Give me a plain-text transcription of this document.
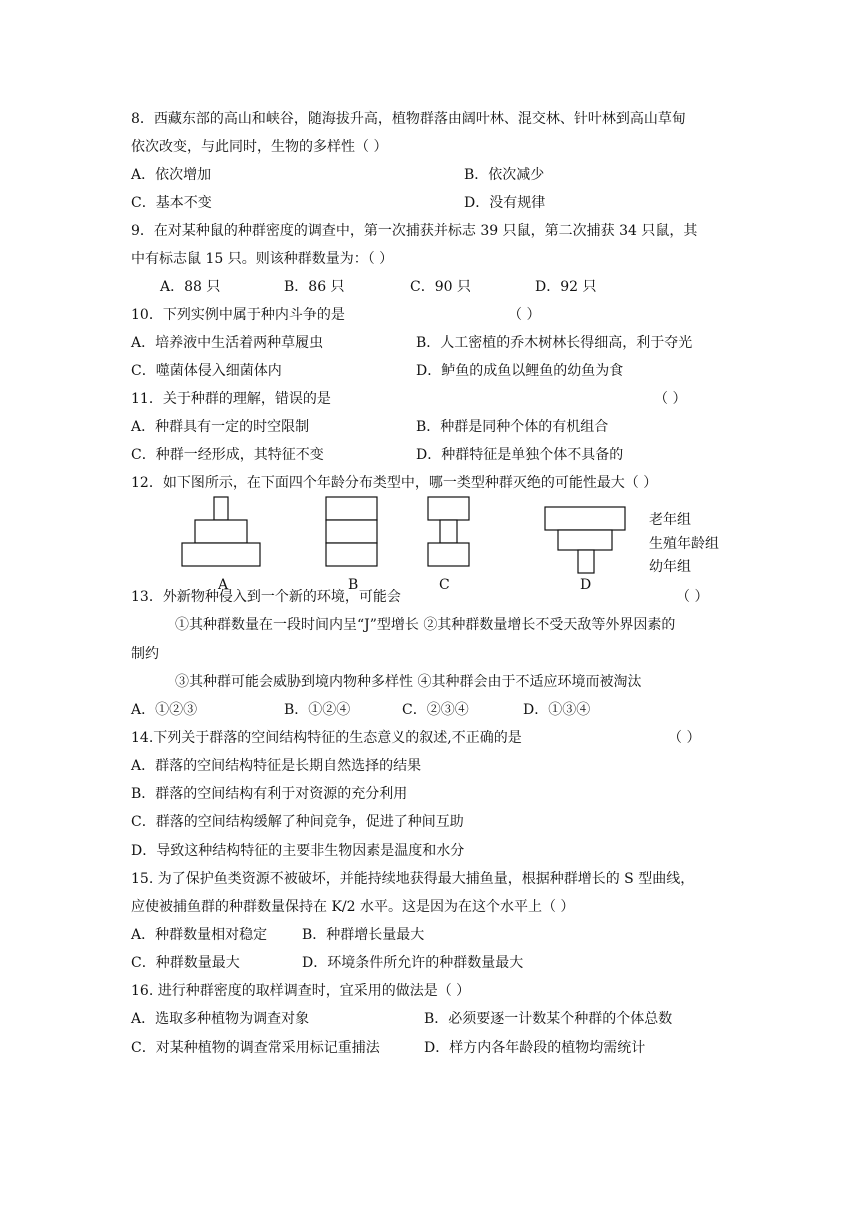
8．西藏东部的高山和峡谷，随海拔升高，植物群落由阔叶林、混交林、针叶林到高山草甸
依次改变，与此同时，生物的多样性（ ）
A．依次增加	B．依次减少
C．基本不变	D．没有规律
9．在对某种鼠的种群密度的调查中，第一次捕获并标志 39 只鼠，第二次捕获 34 只鼠，其
中有标志鼠 15 只。则该种群数量为：（ ）
A．88 只	B．86 只	C．90 只	D．92 只
10．下列实例中属于种内斗争的是	（ ）
A．培养液中生活着两种草履虫	B．人工密植的乔木树林长得细高，利于夺光
C．噬菌体侵入细菌体内	D．鲈鱼的成鱼以鲤鱼的幼鱼为食
11．关于种群的理解，错误的是	（ ）
A．种群具有一定的时空限制	B．种群是同种个体的有机组合
C．种群一经形成，其特征不变	D．种群特征是单独个体不具备的
12．如下图所示，在下面四个年龄分布类型中，哪一类型种群灭绝的可能性最大（ ）
A	B	C	D
老年组
生殖年龄组
幼年组
13．外新物种侵入到一个新的环境，可能会	（ ）
①其种群数量在一段时间内呈“J”型增长 ②其种群数量增长不受天敌等外界因素的
制约
③其种群可能会威胁到境内物种多样性 ④其种群会由于不适应环境而被淘汰
A．①②③	B．①②④	C．②③④	D．①③④
14.下列关于群落的空间结构特征的生态意义的叙述,不正确的是	（ ）
A．群落的空间结构特征是长期自然选择的结果
B．群落的空间结构有利于对资源的充分利用
C．群落的空间结构缓解了种间竞争，促进了种间互助
D．导致这种结构特征的主要非生物因素是温度和水分
15. 为了保护鱼类资源不被破坏，并能持续地获得最大捕鱼量，根据种群增长的 S 型曲线，
应使被捕鱼群的种群数量保持在 K/2 水平。这是因为在这个水平上（ ）
A．种群数量相对稳定 B．种群增长量最大
C．种群数量最大	D．环境条件所允许的种群数量最大
16. 进行种群密度的取样调查时，宜采用的做法是（ ）
A．选取多种植物为调查对象	B．必须要逐一计数某个种群的个体总数
C．对某种植物的调查常采用标记重捕法	D．样方内各年龄段的植物均需统计
